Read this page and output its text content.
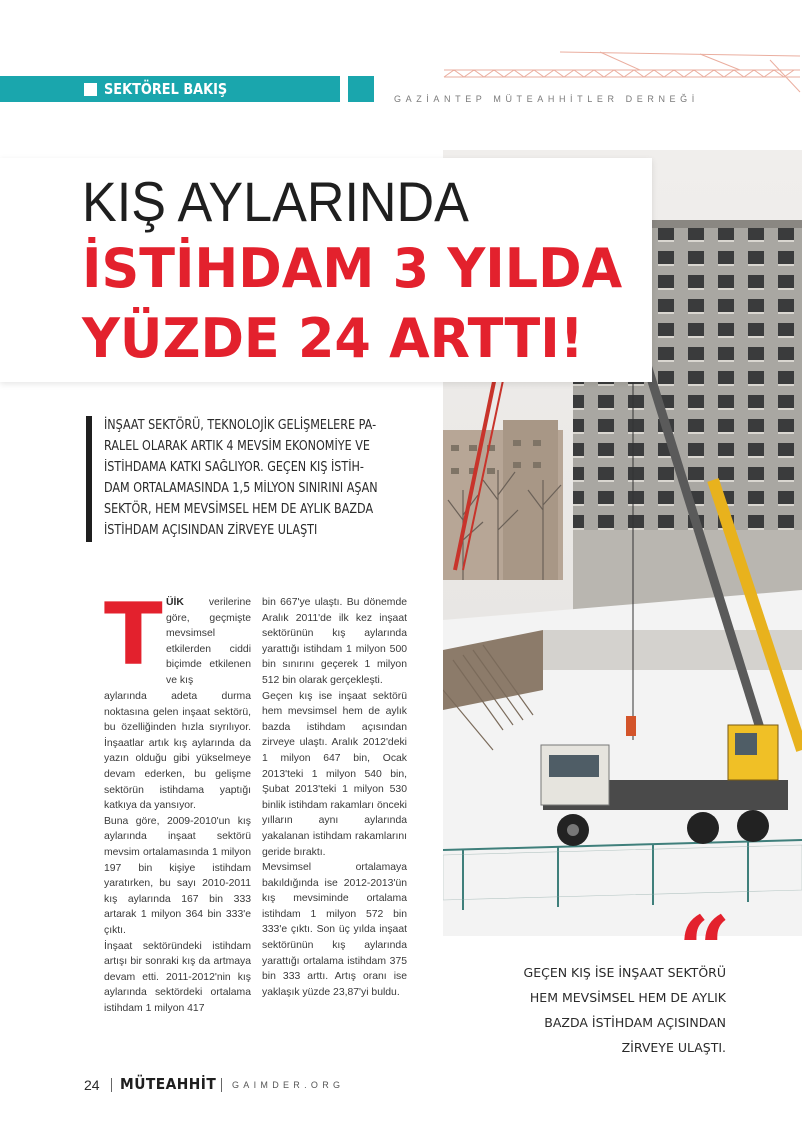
SEKTÖREL BAKIŞ
GAZİANTEP MÜTEAHHİTLER DERNEĞİ
KIŞ AYLARINDA
İSTİHDAM 3 YILDA
YÜZDE 24 ARTTI!
İNŞAAT SEKTÖRÜ, TEKNOLOJİK GELİŞMELERE PA-
RALEL OLARAK ARTIK 4 MEVSİM EKONOMİYE VE
İSTİHDAMA KATKI SAĞLIYOR. GEÇEN KIŞ İSTİH-
DAM ORTALAMASINDA 1,5 MİLYON SINIRINI AŞAN
SEKTÖR, HEM MEVSİMSEL HEM DE AYLIK BAZDA
İSTİHDAM AÇISINDAN ZİRVEYE ULAŞTI
T ÜİK verilerine göre, geçmişte mevsimsel etkilerden ciddi biçimde etkilenen ve kış

aylarında adeta durma noktasına gelen inşaat sektörü, bu özelliğinden hızla sıyrılıyor. İnşaatlar artık kış aylarında da yazın olduğu gibi yükselmeye devam ederken, bu gelişme sektörün istihdama yaptığı katkıya da yansıyor.

Buna göre, 2009-2010'un kış aylarında inşaat sektörü mevsim ortalamasında 1 milyon 197 bin kişiye istihdam yaratırken, bu sayı 2010-2011 kış aylarında 167 bin 333 artarak 1 milyon 364 bin 333'e çıktı.

İnşaat sektöründeki istihdam artışı bir sonraki kış da artmaya devam etti. 2011-2012'nin kış aylarında sektördeki ortalama istihdam 1 milyon 417

bin 667'ye ulaştı. Bu dönemde Aralık 2011'de ilk kez inşaat sektörünün kış aylarında yarattığı istihdam 1 milyon 500 bin sınırını geçerek 1 milyon 512 bin olarak gerçekleşti.

Geçen kış ise inşaat sektörü hem mevsimsel hem de aylık bazda istihdam açısından zirveye ulaştı. Aralık 2012'deki 1 milyon 647 bin, Ocak 2013'teki 1 milyon 540 bin, Şubat 2013'teki 1 milyon 530 binlik istihdam rakamları önceki yılların aynı aylarında yakalanan istihdam rakamlarını geride bıraktı.

Mevsimsel ortalamaya bakıldığında ise 2012-2013'ün kış mevsiminde ortalama istihdam 1 milyon 572 bin 333'e çıktı. Son üç yılda inşaat sektörünün kış aylarında yarattığı ortalama istihdam 375 bin 333 arttı. Artış oranı ise yaklaşık yüzde 23,87'yi buldu.	“
GEÇEN KIŞ İSE İNŞAAT SEKTÖRÜ
HEM MEVSİMSEL HEM DE AYLIK
BAZDA İSTİHDAM AÇISINDAN
ZİRVEYE ULAŞTI.
24 MÜTEAHHİT GAIMDER.ORG
